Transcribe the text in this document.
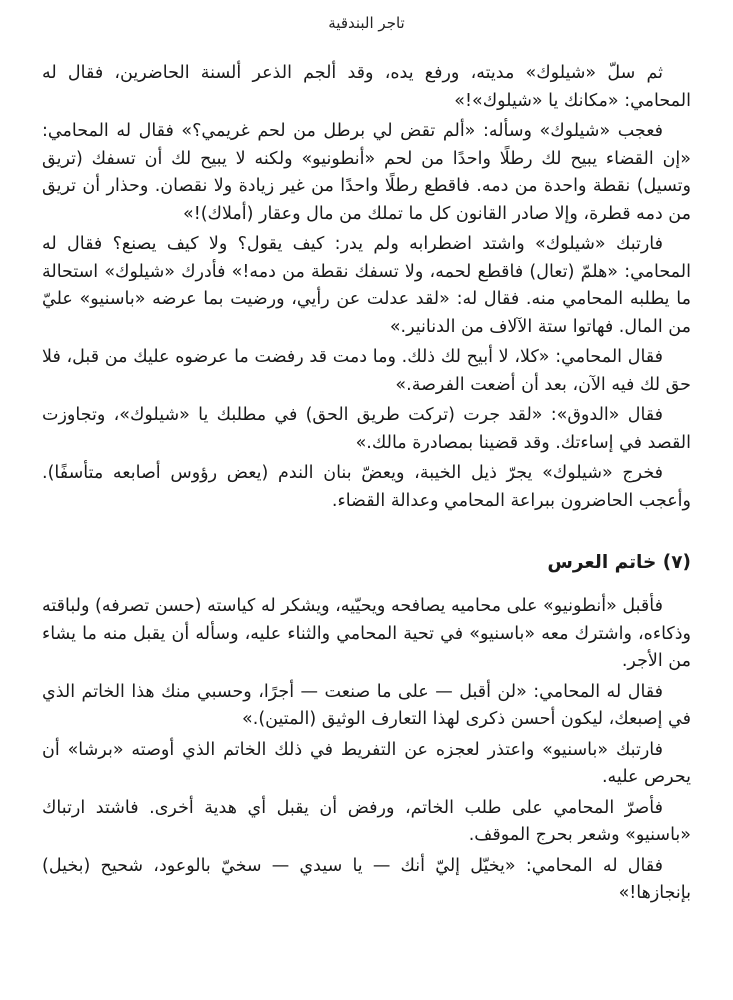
تاجر البندقية

ثم سلّ «شيلوك» مديته، ورفع يده، وقد ألجم الذعر ألسنة الحاضرين، فقال له المحامي: «مكانك يا «شيلوك»!»

فعجب «شيلوك» وسأله: «ألم تقض لي برطل من لحم غريمي؟» فقال له المحامي: «إن القضاء يبيح لك رطلًا واحدًا من لحم «أنطونيو» ولكنه لا يبيح لك أن تسفك (تريق وتسيل) نقطة واحدة من دمه. فاقطع رطلًا واحدًا من غير زيادة ولا نقصان. وحذار أن تريق من دمه قطرة، وإلا صادر القانون كل ما تملك من مال وعقار (أملاك)!»

فارتبك «شيلوك» واشتد اضطرابه ولم يدر: كيف يقول؟ ولا كيف يصنع؟ فقال له المحامي: «هلمّ (تعال) فاقطع لحمه، ولا تسفك نقطة من دمه!» فأدرك «شيلوك» استحالة ما يطلبه المحامي منه. فقال له: «لقد عدلت عن رأيي، ورضيت بما عرضه «باسنيو» عليّ من المال. فهاتوا ستة الآلاف من الدنانير.»

فقال المحامي: «كلا، لا أبيح لك ذلك. وما دمت قد رفضت ما عرضوه عليك من قبل، فلا حق لك فيه الآن، بعد أن أضعت الفرصة.»

فقال «الدوق»: «لقد جرت (تركت طريق الحق) في مطلبك يا «شيلوك»، وتجاوزت القصد في إساءتك. وقد قضينا بمصادرة مالك.»

فخرج «شيلوك» يجرّ ذيل الخيبة، ويعضّ بنان الندم (يعض رؤوس أصابعه متأسفًا). وأعجب الحاضرون ببراعة المحامي وعدالة القضاء.

(٧) خاتم العرس

فأقبل «أنطونيو» على محاميه يصافحه ويحيّيه، ويشكر له كياسته (حسن تصرفه) ولباقته وذكاءه، واشترك معه «باسنيو» في تحية المحامي والثناء عليه، وسأله أن يقبل منه ما يشاء من الأجر.

فقال له المحامي: «لن أقبل — على ما صنعت — أجرًا، وحسبي منك هذا الخاتم الذي في إصبعك، ليكون أحسن ذكرى لهذا التعارف الوثيق (المتين).»

فارتبك «باسنيو» واعتذر لعجزه عن التفريط في ذلك الخاتم الذي أوصته «برشا» أن يحرص عليه.

فأصرّ المحامي على طلب الخاتم، ورفض أن يقبل أي هدية أخرى. فاشتد ارتباك «باسنيو» وشعر بحرج الموقف.

فقال له المحامي: «يخيّل إليّ أنك — يا سيدي — سخيّ بالوعود، شحيح (بخيل) بإنجازها!»
